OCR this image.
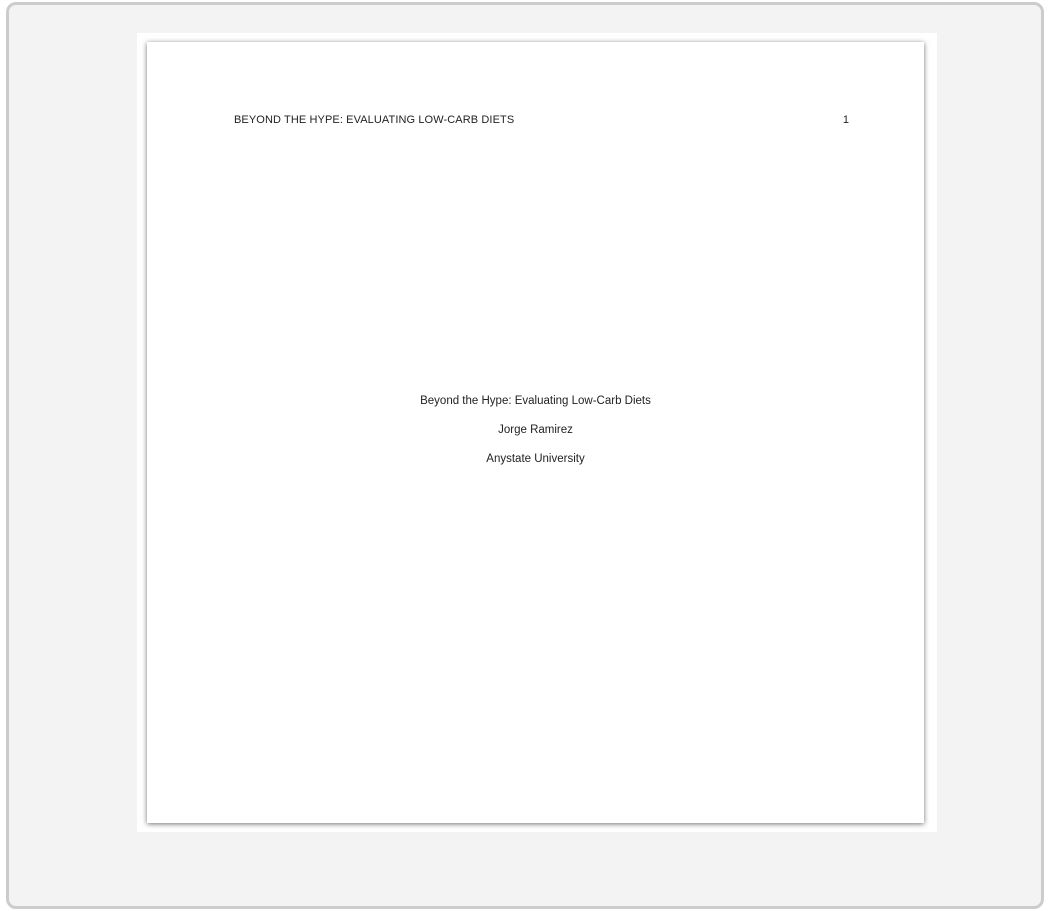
BEYOND THE HYPE: EVALUATING LOW-CARB DIETS	1
Beyond the Hype: Evaluating Low-Carb Diets
Jorge Ramirez
Anystate University
